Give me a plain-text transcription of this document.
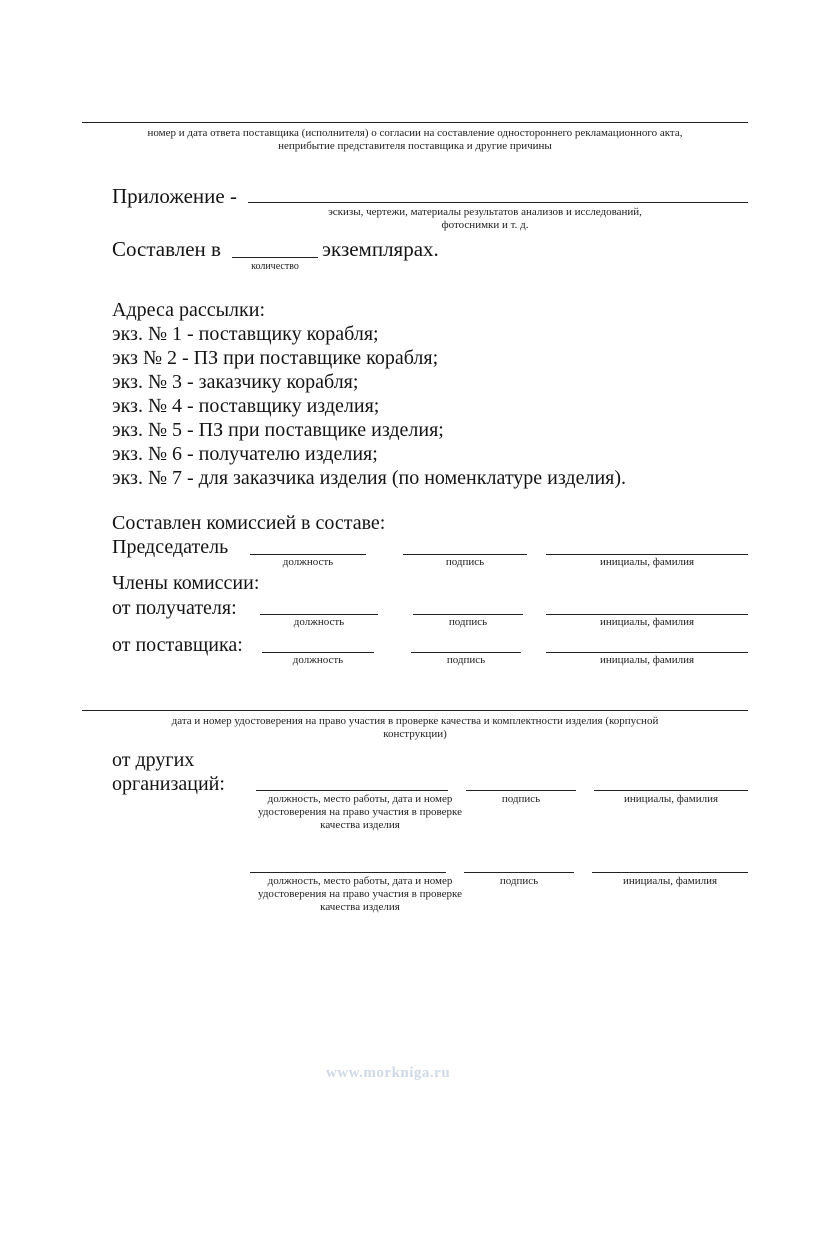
номер и дата ответа поставщика (исполнителя) о согласии на составление одностороннего рекламационного акта, неприбытие представителя поставщика и другие причины
Приложение -
эскизы, чертежи, материалы результатов анализов и исследований, фотоснимки и т. д.
Составлен в
количество
экземплярах.
Адреса рассылки:
экз. № 1 - поставщику корабля;
экз № 2 - ПЗ при поставщике корабля;
экз. № 3 - заказчику корабля;
экз. № 4 - поставщику изделия;
экз. № 5 - ПЗ при поставщике изделия;
экз. № 6 - получателю изделия;
экз. № 7 - для заказчика изделия (по номенклатуре изделия).
Составлен комиссией в составе:
Председатель
должность	подпись	инициалы, фамилия
Члены комиссии:
от получателя:
должность	подпись	инициалы, фамилия
от поставщика:
должность	подпись	инициалы, фамилия
дата и номер удостоверения на право участия в проверке качества и комплектности изделия (корпусной конструкции)
от других
организаций:
должность, место работы, дата и номер удостоверения на право участия в проверке качества изделия
подпись	инициалы, фамилия
должность, место работы, дата и номер удостоверения на право участия в проверке качества изделия
подпись	инициалы, фамилия
www.morkniga.ru
